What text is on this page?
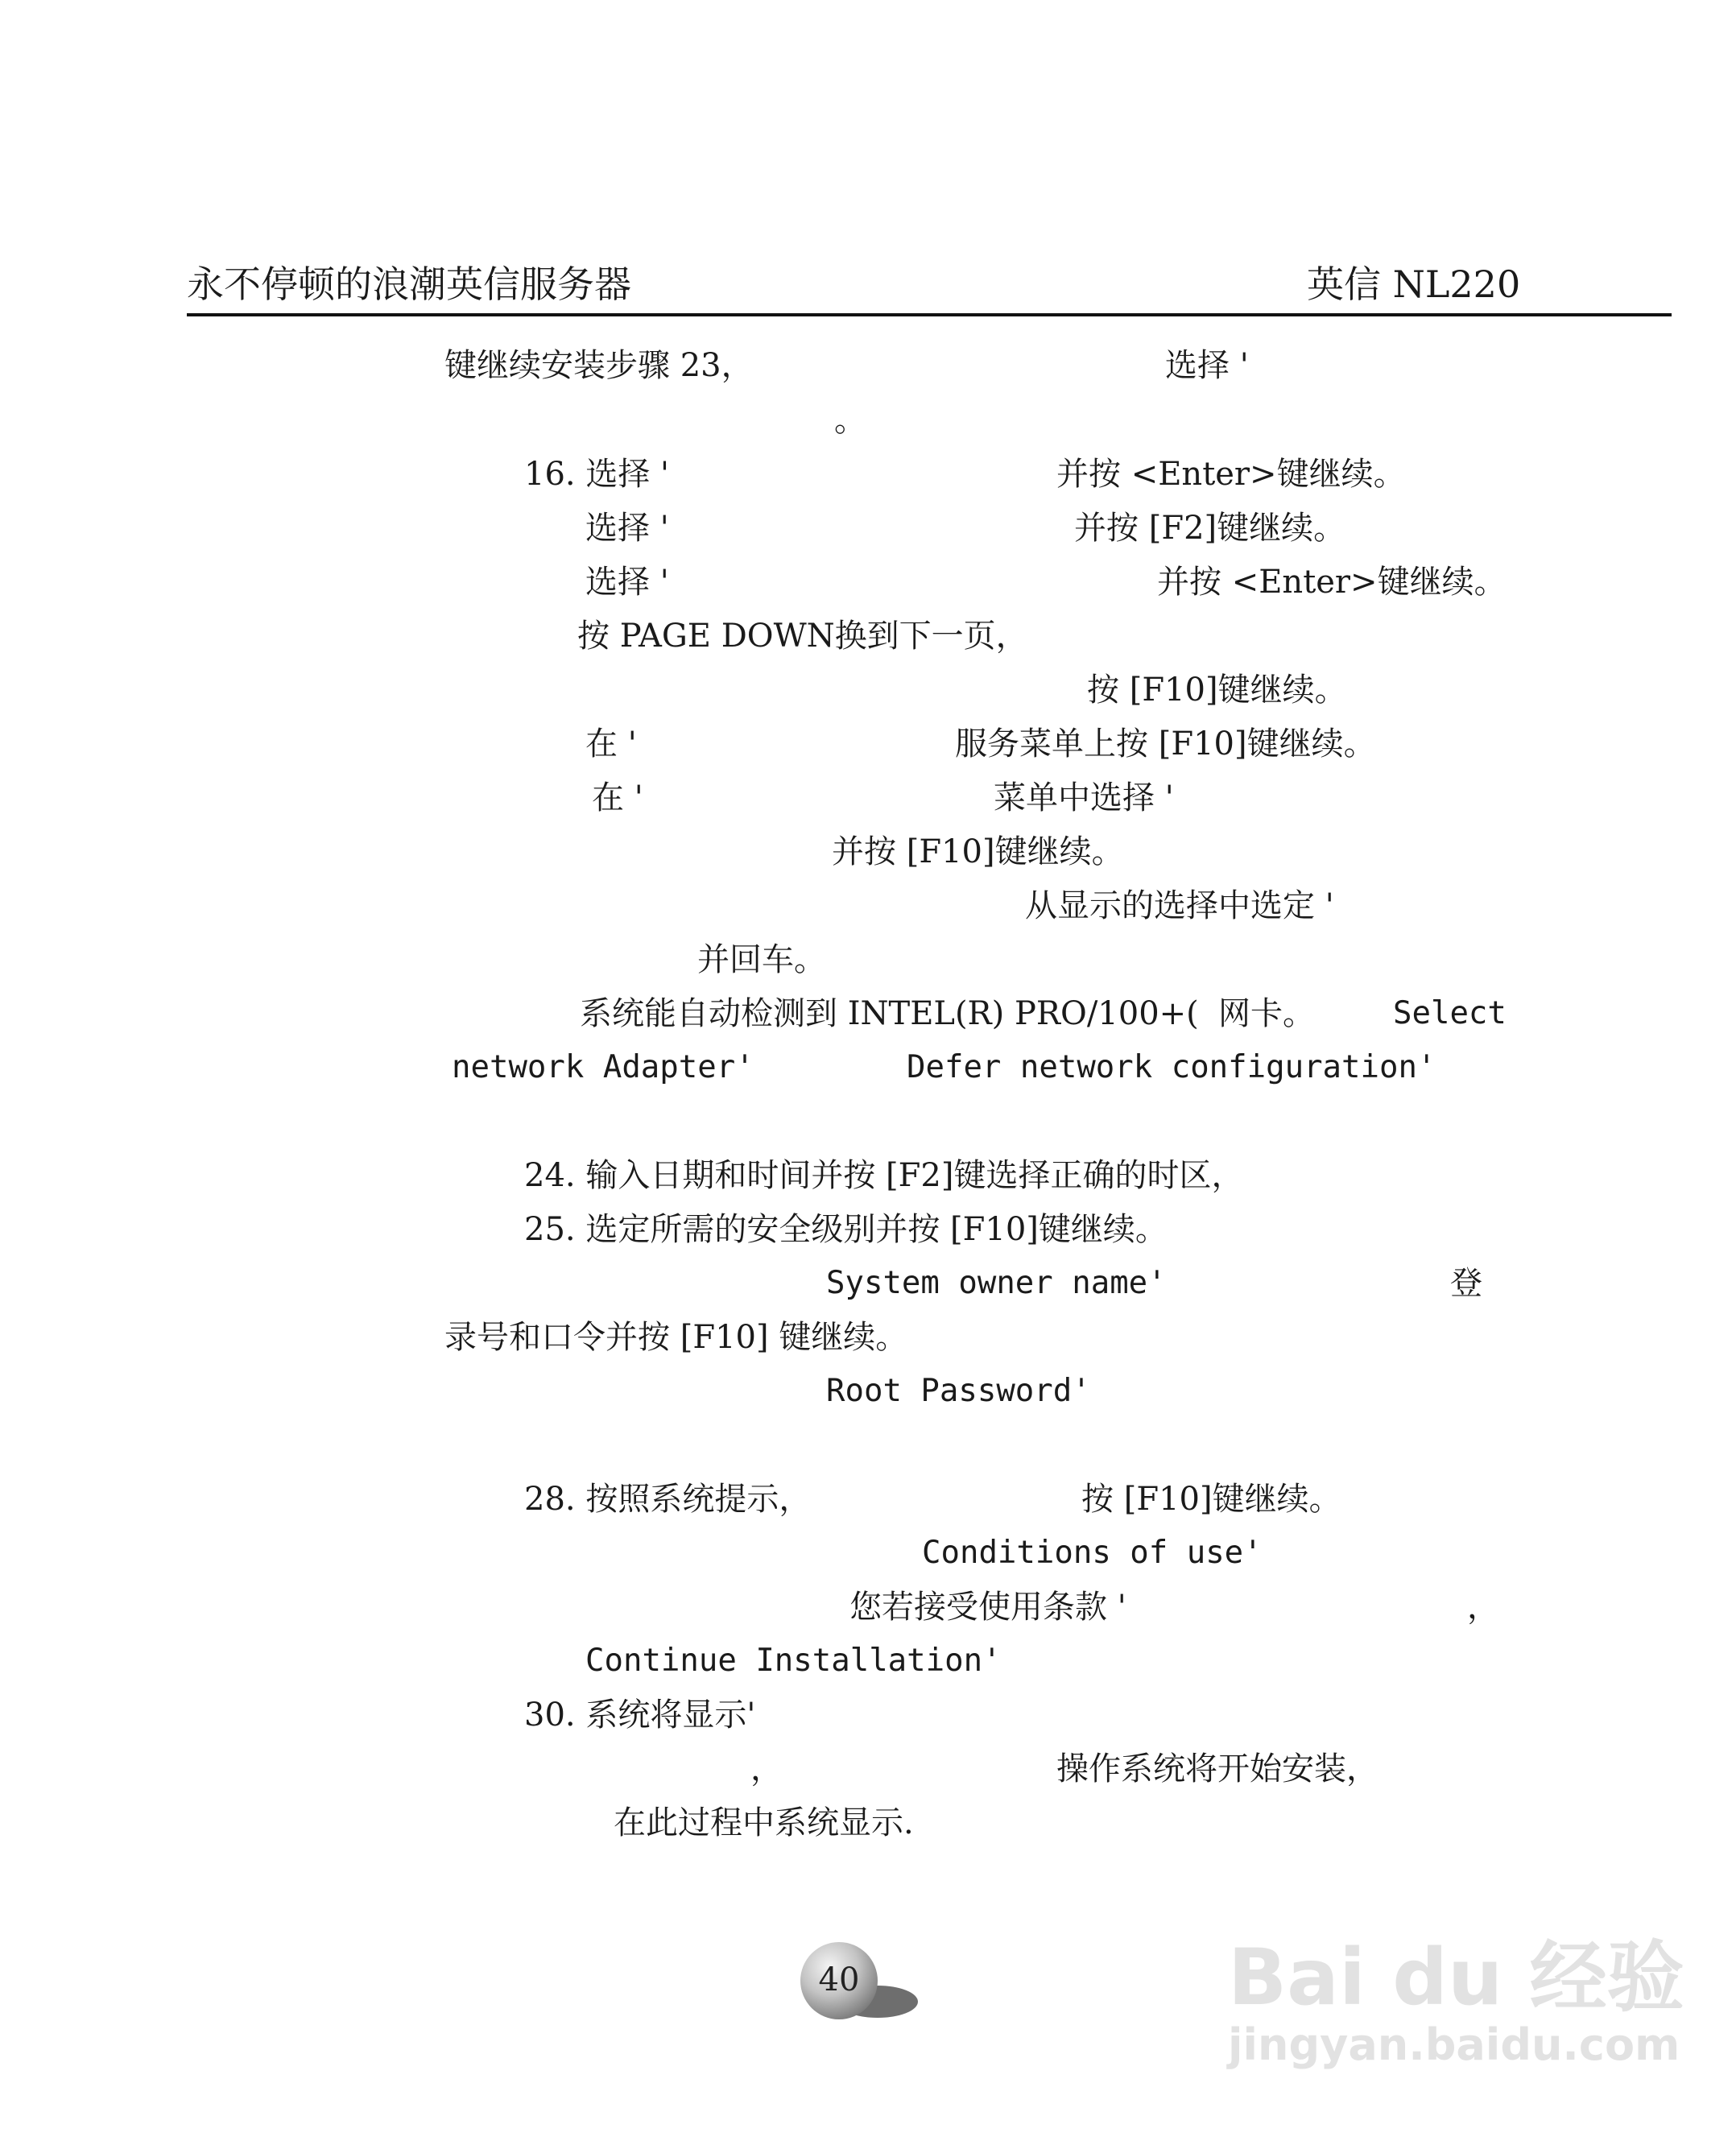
永不停顿的浪潮英信服务器	英信 NL220
键继续安装步骤 23，	选择 '
。
16. 选择 '	并按 <Enter>键继续。
选择 '	并按 [F2]键继续。
选择 '	并按 <Enter>键继续。
按 PAGE DOWN换到下一页，
按 [F10]键继续。
在 '	服务菜单上按 [F10]键继续。
在 '	菜单中选择 '
并按 [F10]键继续。
从显示的选择中选定 '
并回车。
系统能自动检测到 INTEL(R) PRO/100+( 网卡。 Select
network Adapter'	Defer network configuration'
24. 输入日期和时间并按 [F2]键选择正确的时区，
25. 选定所需的安全级别并按 [F10]键继续。
System owner name'	登
录号和口令并按 [F10] 键继续。
Root Password'
28. 按照系统提示，	按 [F10]键继续。
Conditions of use'
您若接受使用条款 '	，
Continue Installation'
30. 系统将显示'
，	操作系统将开始安装，
在此过程中系统显示.
40	Bai du 经验
jingyan.baidu.com
